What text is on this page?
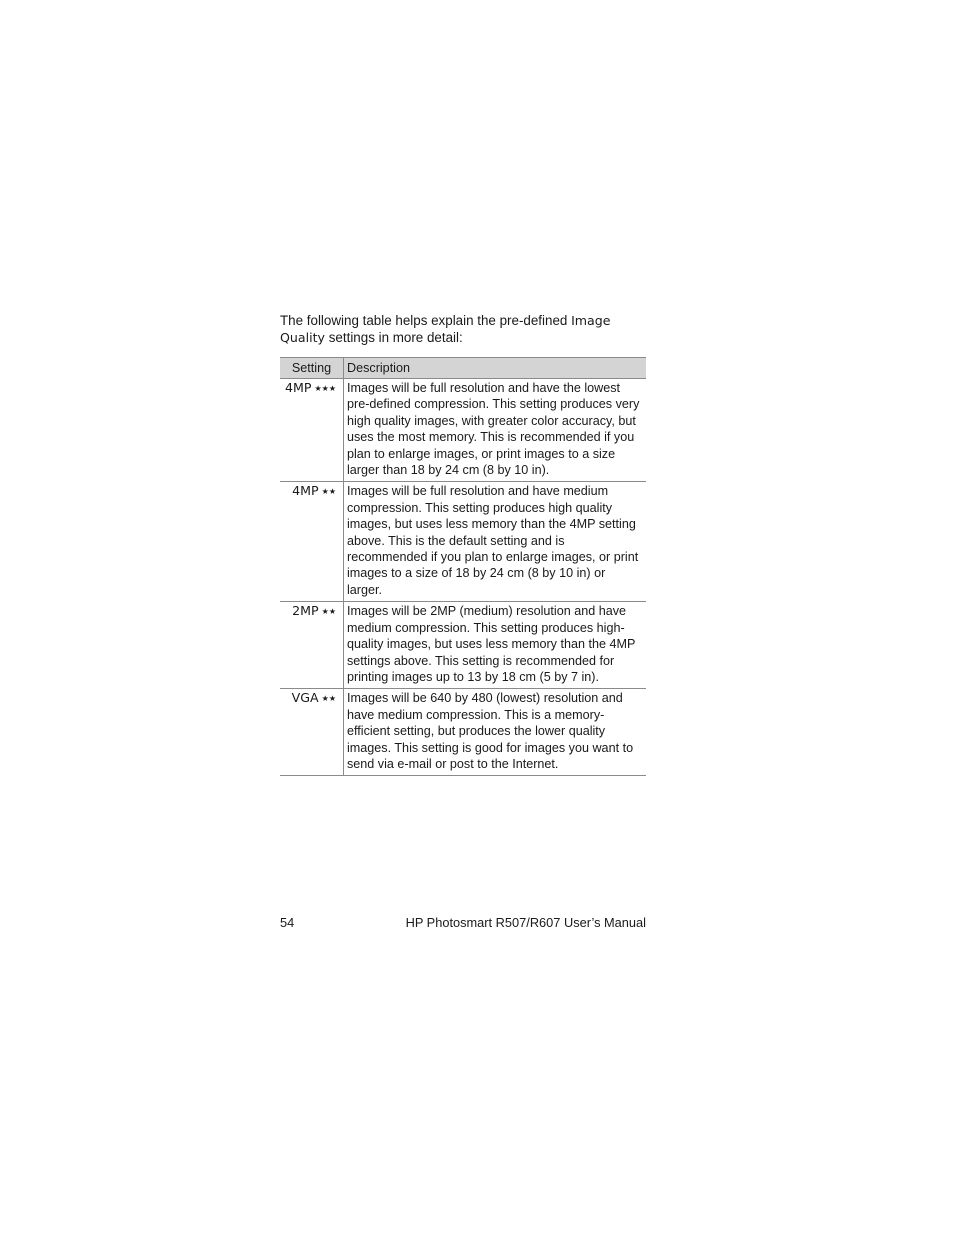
The following table helps explain the pre-defined Image Quality settings in more detail:

Setting	Description
4MP ★★★	Images will be full resolution and have the lowest pre-defined compression. This setting produces very high quality images, with greater color accuracy, but uses the most memory. This is recommended if you plan to enlarge images, or print images to a size larger than 18 by 24 cm (8 by 10 in).
4MP ★★	Images will be full resolution and have medium compression. This setting produces high quality images, but uses less memory than the 4MP setting above. This is the default setting and is recommended if you plan to enlarge images, or print images to a size of 18 by 24 cm (8 by 10 in) or larger.
2MP ★★	Images will be 2MP (medium) resolution and have medium compression. This setting produces high-quality images, but uses less memory than the 4MP settings above. This setting is recommended for printing images up to 13 by 18 cm (5 by 7 in).
VGA ★★	Images will be 640 by 480 (lowest) resolution and have medium compression. This is a memory-efficient setting, but produces the lower quality images. This setting is good for images you want to send via e-mail or post to the Internet.
54	HP Photosmart R507/R607 User’s Manual
